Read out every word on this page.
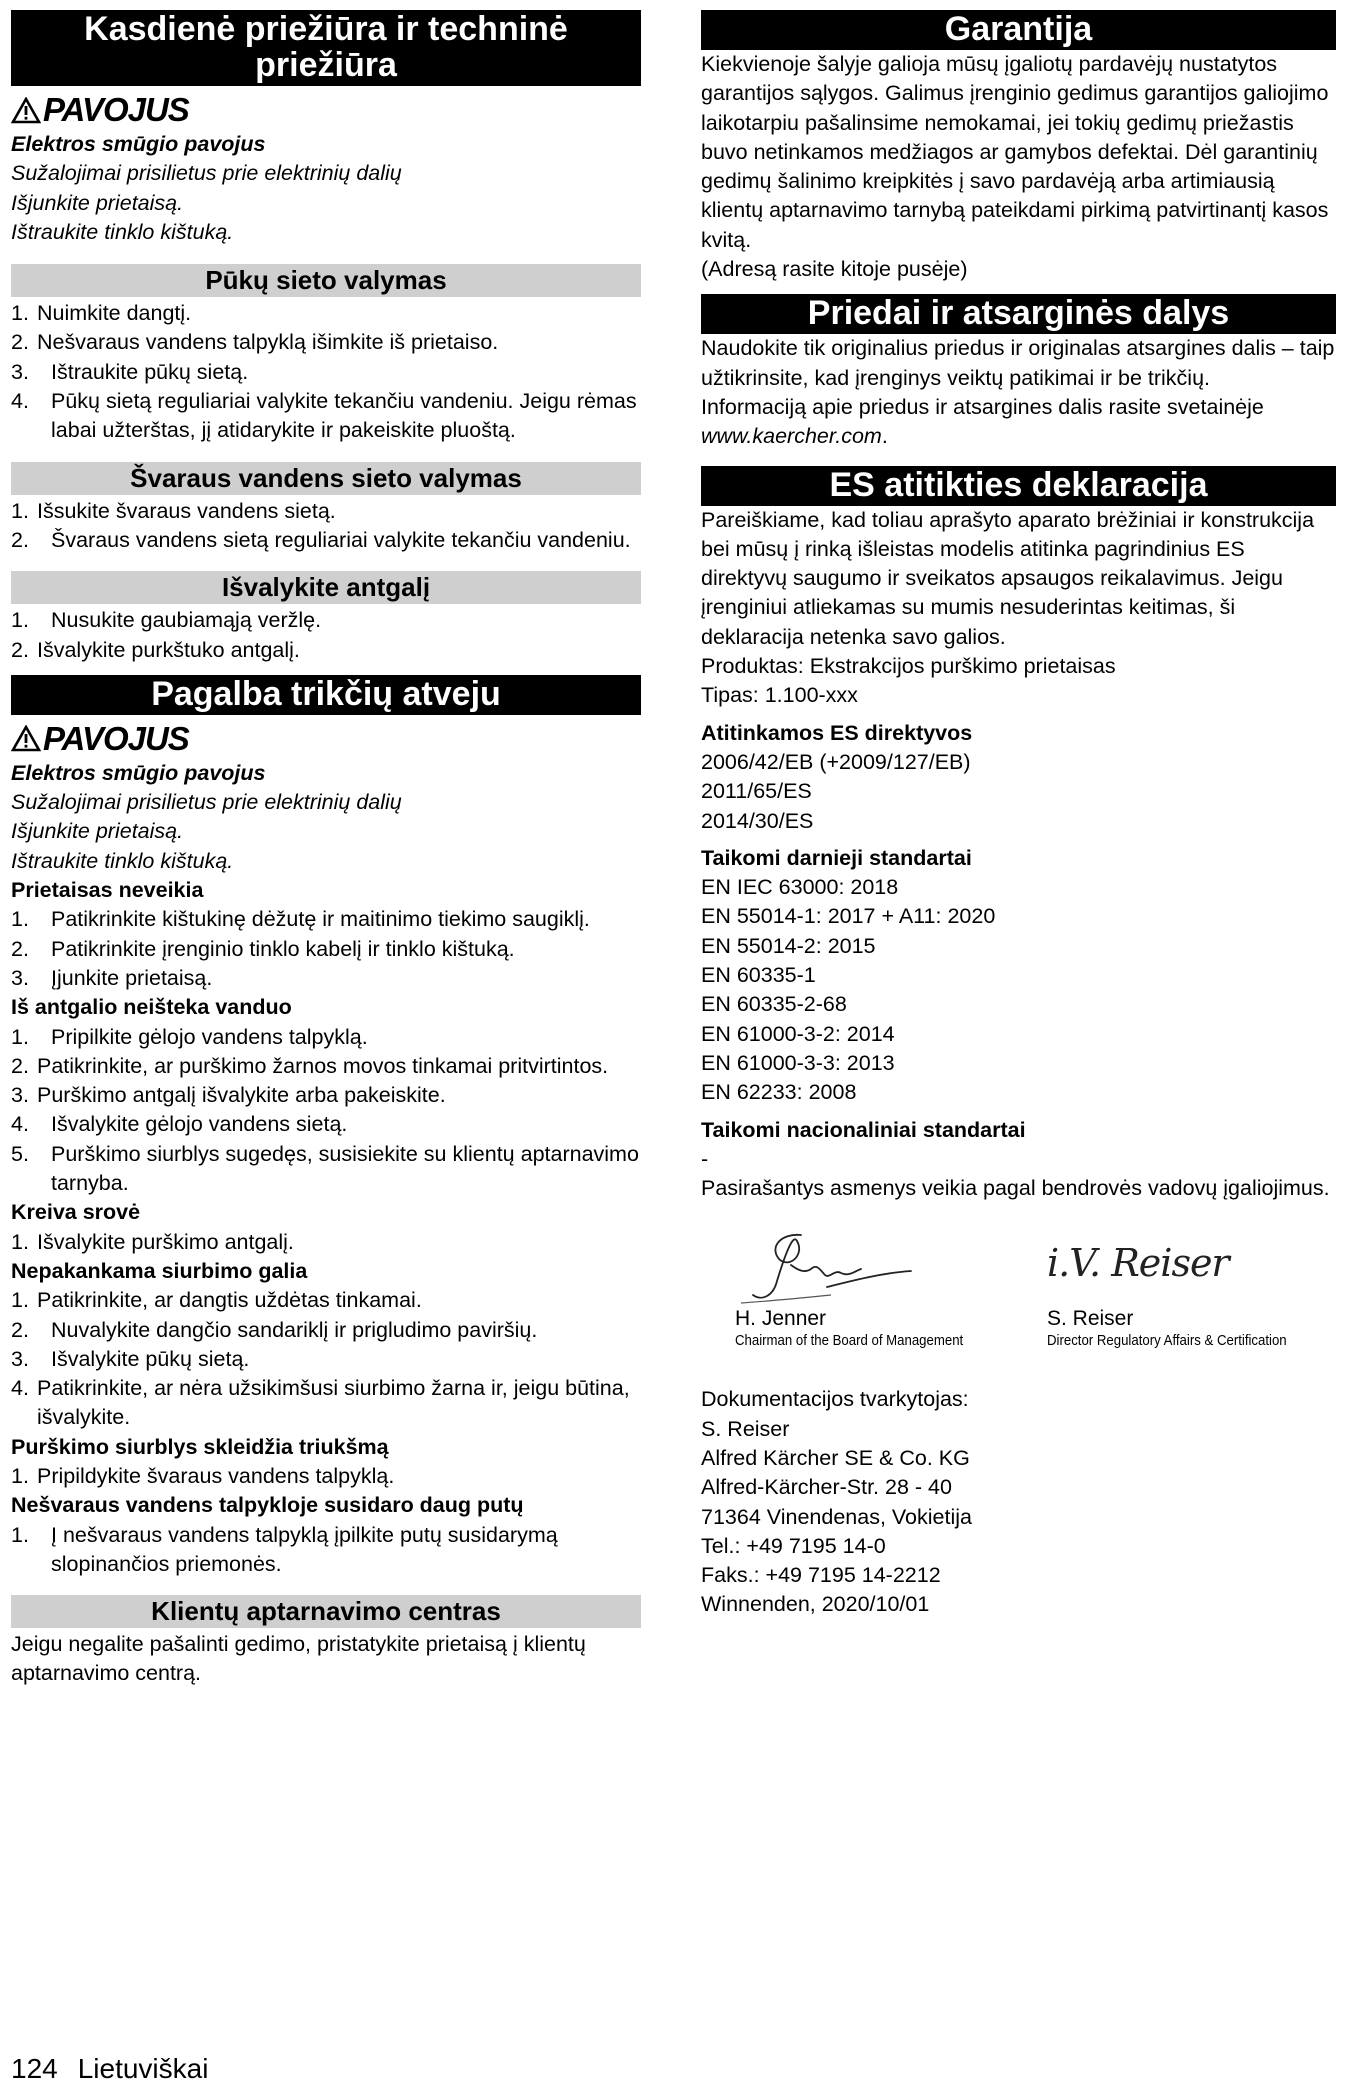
Kasdienė priežiūra ir techninė priežiūra
PAVOJUS

Elektros smūgio pavojus

Sužalojimai prisilietus prie elektrinių dalių

Išjunkite prietaisą.

Ištraukite tinklo kištuką.

Pūkų sieto valymas
1. Nuimkite dangtį.
2. Nešvaraus vandens talpyklą išimkite iš prietaiso.
3.	Ištraukite pūkų sietą.
4.	Pūkų sietą reguliariai valykite tekančiu vandeniu. Jeigu rėmas labai užterštas, jį atidarykite ir pakeiskite pluoštą.
Švaraus vandens sieto valymas
1. Išsukite švaraus vandens sietą.
2.	Švaraus vandens sietą reguliariai valykite tekančiu vandeniu.
Išvalykite antgalį
1.	Nusukite gaubiamąją veržlę.
2. Išvalykite purkštuko antgalį.
Pagalba trikčių atveju
PAVOJUS

Elektros smūgio pavojus

Sužalojimai prisilietus prie elektrinių dalių

Išjunkite prietaisą.

Ištraukite tinklo kištuką.

Prietaisas neveikia

1.	Patikrinkite kištukinę dėžutę ir maitinimo tiekimo saugiklį.
2.	Patikrinkite įrenginio tinklo kabelį ir tinklo kištuką.
3.	Įjunkite prietaisą.

Iš antgalio neišteka vanduo

1.	Pripilkite gėlojo vandens talpyklą.
2. Patikrinkite, ar purškimo žarnos movos tinkamai pritvirtintos.
3. Purškimo antgalį išvalykite arba pakeiskite.
4.	Išvalykite gėlojo vandens sietą.
5.	Purškimo siurblys sugedęs, susisiekite su klientų aptarnavimo tarnyba.

Kreiva srovė

1. Išvalykite purškimo antgalį.

Nepakankama siurbimo galia

1. Patikrinkite, ar dangtis uždėtas tinkamai.
2.	Nuvalykite dangčio sandariklį ir prigludimo paviršių.
3.	Išvalykite pūkų sietą.
4. Patikrinkite, ar nėra užsikimšusi siurbimo žarna ir, jeigu būtina, išvalykite.

Purškimo siurblys skleidžia triukšmą

1. Pripildykite švaraus vandens talpyklą.

Nešvaraus vandens talpykloje susidaro daug putų

1.	Į nešvaraus vandens talpyklą įpilkite putų susidarymą slopinančios priemonės.
Klientų aptarnavimo centras

Jeigu negalite pašalinti gedimo, pristatykite prietaisą į klientų aptarnavimo centrą.

Garantija

Kiekvienoje šalyje galioja mūsų įgaliotų pardavėjų nustatytos garantijos sąlygos. Galimus įrenginio gedimus garantijos galiojimo laikotarpiu pašalinsime nemokamai, jei tokių gedimų priežastis buvo netinkamos medžiagos ar gamybos defektai. Dėl garantinių gedimų šalinimo kreipkitės į savo pardavėją arba artimiausią klientų aptarnavimo tarnybą pateikdami pirkimą patvirtinantį kasos kvitą.

(Adresą rasite kitoje pusėje)

Priedai ir atsarginės dalys

Naudokite tik originalius priedus ir originalas atsargines dalis – taip užtikrinsite, kad įrenginys veiktų patikimai ir be trikčių.

Informaciją apie priedus ir atsargines dalis rasite svetainėje www.kaercher.com.

ES atitikties deklaracija

Pareiškiame, kad toliau aprašyto aparato brėžiniai ir konstrukcija bei mūsų į rinką išleistas modelis atitinka pagrindinius ES direktyvų saugumo ir sveikatos apsaugos reikalavimus. Jeigu įrenginiui atliekamas su mumis nesuderintas keitimas, ši deklaracija netenka savo galios.

Produktas: Ekstrakcijos purškimo prietaisas

Tipas: 1.100-xxx

Atitinkamos ES direktyvos

2006/42/EB (+2009/127/EB)

2011/65/ES

2014/30/ES

Taikomi darnieji standartai

EN IEC 63000: 2018

EN 55014-1: 2017 + A11: 2020

EN 55014-2: 2015

EN 60335-1

EN 60335-2-68

EN 61000-3-2: 2014

EN 61000-3-3: 2013

EN 62233: 2008

Taikomi nacionaliniai standartai

-

Pasirašantys asmenys veikia pagal bendrovės vadovų įgaliojimus.

H. Jenner
Chairman of the Board of Management
i.V. Reiser
S. Reiser
Director Regulatory Affairs & Certification

Dokumentacijos tvarkytojas:

S. Reiser

Alfred Kärcher SE & Co. KG

Alfred-Kärcher-Str. 28 - 40

71364 Vinendenas, Vokietija

Tel.: +49 7195 14-0

Faks.: +49 7195 14-2212

Winnenden, 2020/10/01

124 Lietuviškai
